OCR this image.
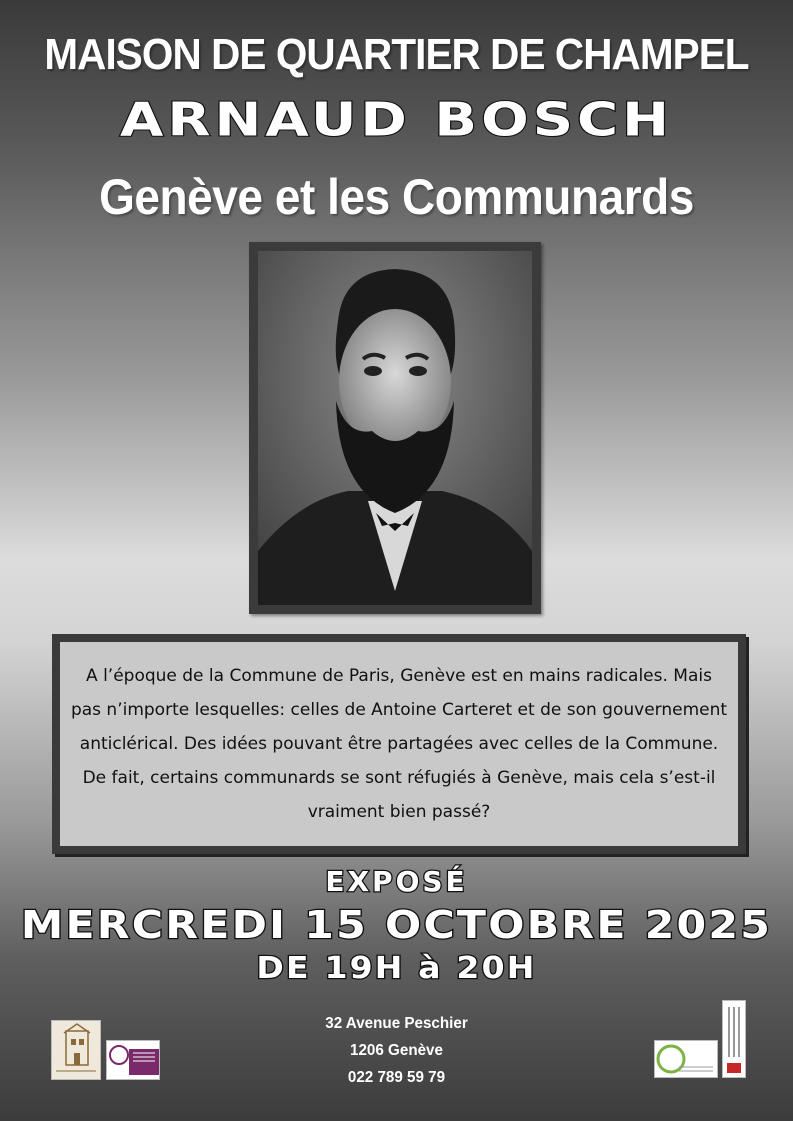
MAISON DE QUARTIER DE CHAMPEL
ARNAUD BOSCH
Genève et les Communards

A l’époque de la Commune de Paris, Genève est en mains radicales. Mais pas n’importe lesquelles: celles de Antoine Carteret et de son gouvernement anticlérical. Des idées pouvant être partagées avec celles de la Commune. De fait, certains communards se sont réfugiés à Genève, mais cela s’est-il vraiment bien passé?

EXPOSÉ
MERCREDI 15 OCTOBRE 2025
DE 19H à 20H
32 Avenue Peschier
1206 Genève
022 789 59 79
